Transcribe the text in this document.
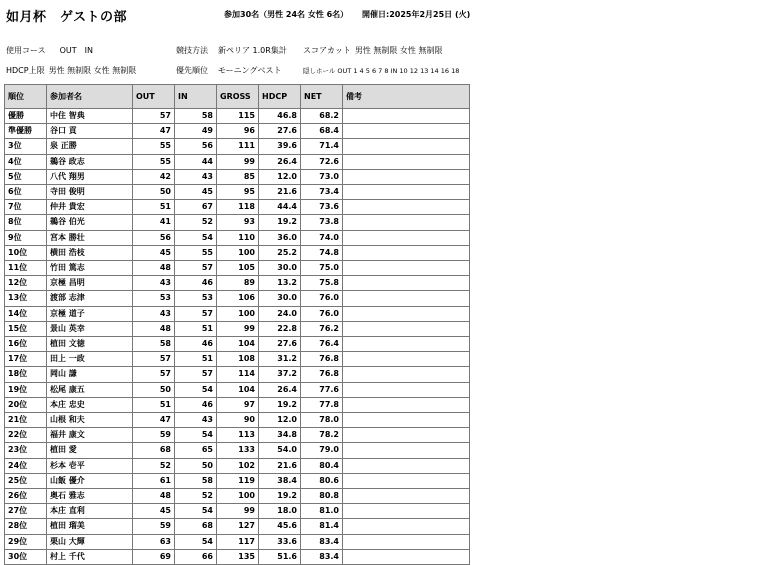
如月杯　ゲストの部	参加30名（男性 24名 女性 6名） 開催日:2025年2月25日 (火)
使用コース OUT　IN	競技方法 新ペリア 1.0R集計 スコアカット 男性 無制限 女性 無制限
HDCP上限 男性 無制限 女性 無制限	優先順位 モーニングベスト	隠しホール OUT 1 4 5 6 7 8 IN 10 12 13 14 16 18
順位	参加者名	OUT	IN	GROSS	HDCP	NET	備考
優勝	中住 智典	57	58	115	46.8	68.2	
準優勝	谷口 貢	47	49	96	27.6	68.4	
3位	泉 正勝	55	56	111	39.6	71.4	
4位	鵜谷 政志	55	44	99	26.4	72.6	
5位	八代 翔男	42	43	85	12.0	73.0	
6位	寺田 俊明	50	45	95	21.6	73.4	
7位	仲井 貴宏	51	67	118	44.4	73.6	
8位	鵜谷 伯光	41	52	93	19.2	73.8	
9位	宮本 勝壮	56	54	110	36.0	74.0	
10位	横田 浩枝	45	55	100	25.2	74.8	
11位	竹田 篤志	48	57	105	30.0	75.0	
12位	京極 昌明	43	46	89	13.2	75.8	
13位	渡部 志津	53	53	106	30.0	76.0	
14位	京極 道子	43	57	100	24.0	76.0	
15位	景山 英幸	48	51	99	22.8	76.2	
16位	植田 文徳	58	46	104	27.6	76.4	
17位	田上 一政	57	51	108	31.2	76.8	
18位	岡山 謙	57	57	114	37.2	76.8	
19位	松尾 康五	50	54	104	26.4	77.6	
20位	本庄 忠史	51	46	97	19.2	77.8	
21位	山根 和夫	47	43	90	12.0	78.0	
22位	福井 康文	59	54	113	34.8	78.2	
23位	植田 愛	68	65	133	54.0	79.0	
24位	杉本 壱平	52	50	102	21.6	80.4	
25位	山飯 優介	61	58	119	38.4	80.6	
26位	奥石 雅志	48	52	100	19.2	80.8	
27位	本庄 直利	45	54	99	18.0	81.0	
28位	植田 瑠美	59	68	127	45.6	81.4	
29位	栗山 大輝	63	54	117	33.6	83.4	
30位	村上 千代	69	66	135	51.6	83.4	
